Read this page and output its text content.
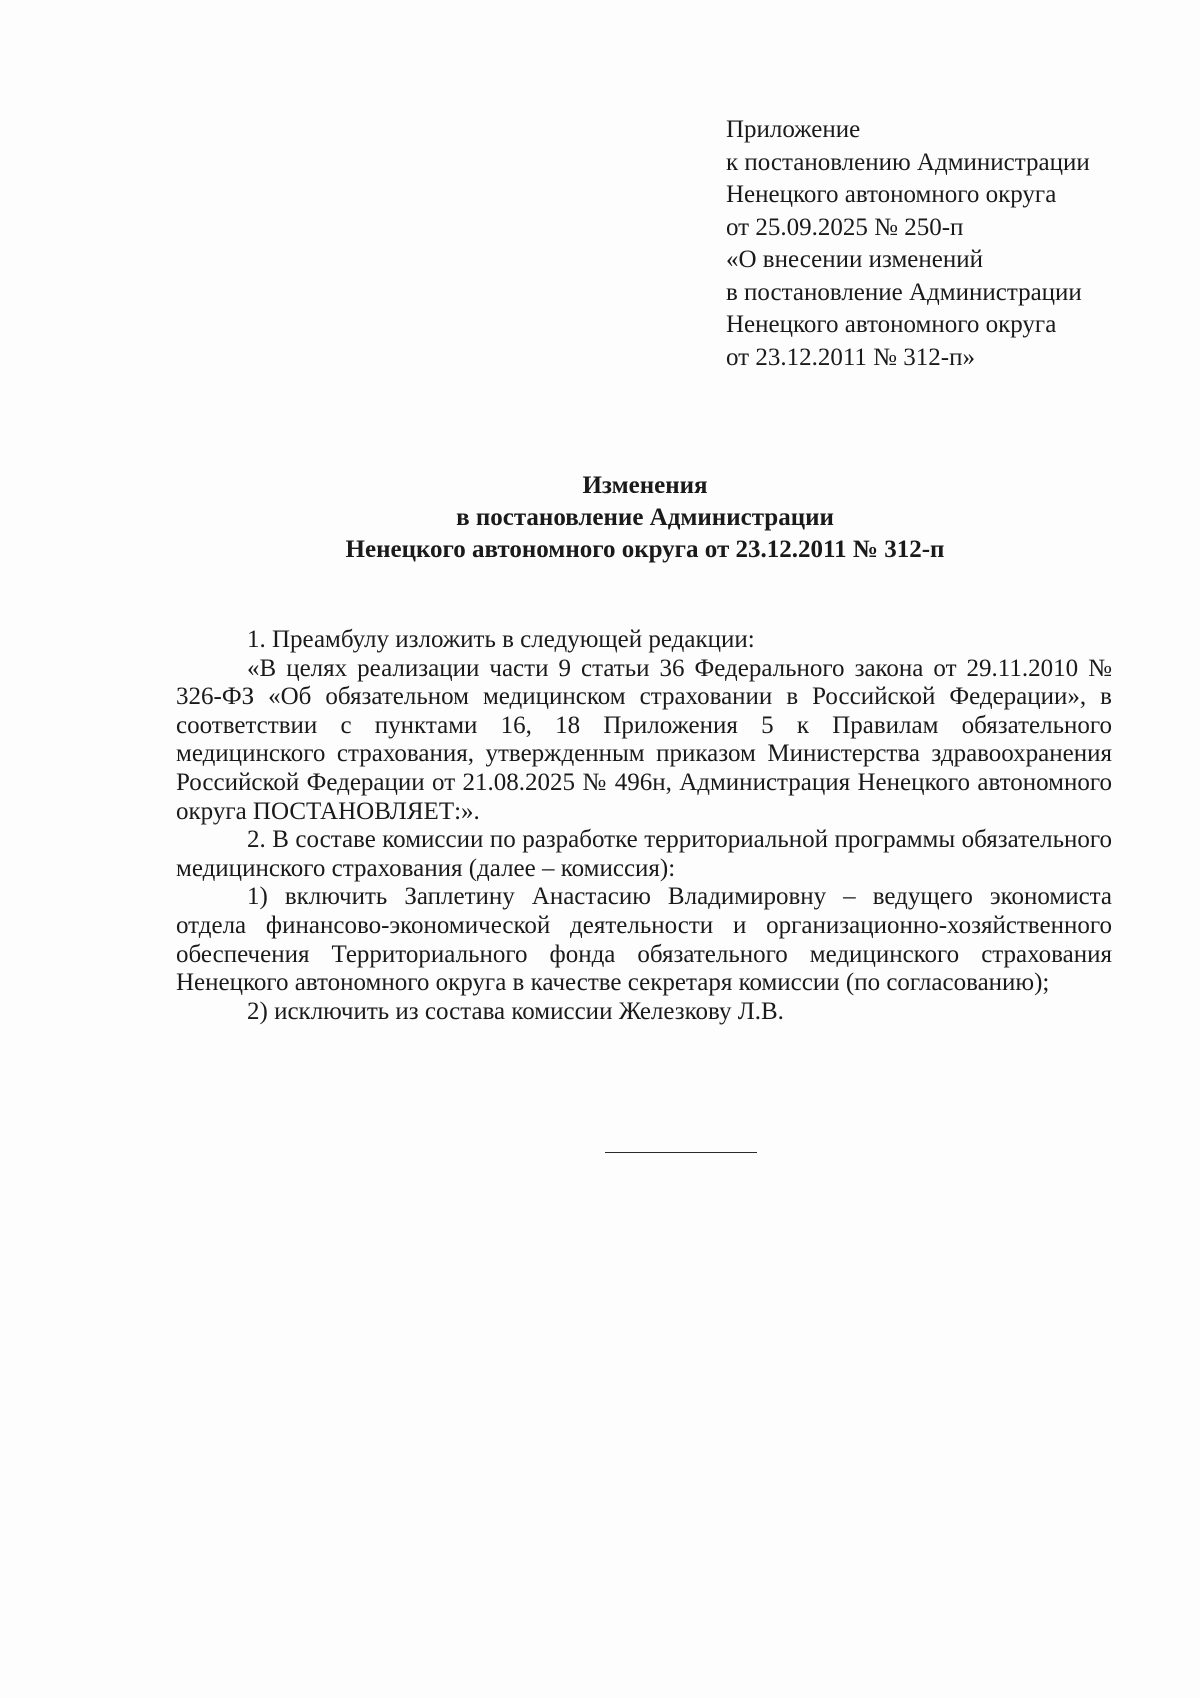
Приложение
к постановлению Администрации
Ненецкого автономного округа
от 25.09.2025 № 250-п
«О внесении изменений
в постановление Администрации
Ненецкого автономного округа
от 23.12.2011 № 312-п»
Изменения
в постановление Администрации
Ненецкого автономного округа от 23.12.2011 № 312-п

1. Преамбулу изложить в следующей редакции:

«В целях реализации части 9 статьи 36 Федерального закона от 29.11.2010 № 326-ФЗ «Об обязательном медицинском страховании в Российской Федерации», в соответствии с пунктами 16, 18 Приложения 5 к Правилам обязательного медицинского страхования, утвержденным приказом Министерства здравоохранения Российской Федерации от 21.08.2025 № 496н, Администрация Ненецкого автономного округа ПОСТАНОВЛЯЕТ:».

2. В составе комиссии по разработке территориальной программы обязательного медицинского страхования (далее – комиссия):

1) включить Заплетину Анастасию Владимировну – ведущего экономиста отдела финансово-экономической деятельности и организационно-хозяйственного обеспечения Территориального фонда обязательного медицинского страхования Ненецкого автономного округа в качестве секретаря комиссии (по согласованию);

2) исключить из состава комиссии Железкову Л.В.
